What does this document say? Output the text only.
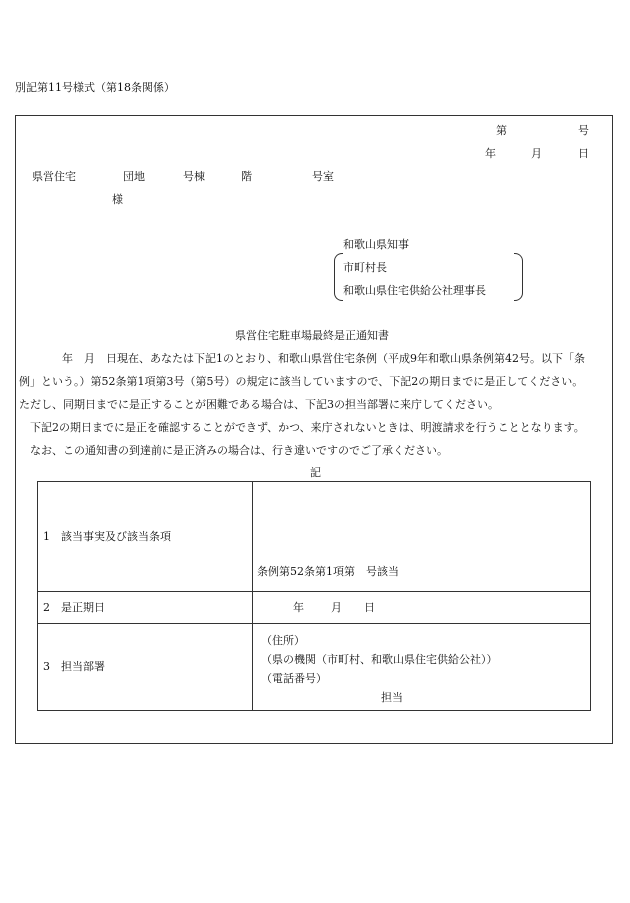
別記第11号様式（第18条関係）
第	号
年	月	日
県営住宅	団地	号棟	階	号室
様
和歌山県知事
市町村長
和歌山県住宅供給公社理事長
県営住宅駐車場最終是正通知書
年　月　日現在、あなたは下記1のとおり、和歌山県営住宅条例（平成9年和歌山県条例第42号。以下「条
例」という。）第52条第1項第3号（第5号）の規定に該当していますので、下記2の期日までに是正してください。
ただし、同期日までに是正することが困難である場合は、下記3の担当部署に来庁してください。
下記2の期日までに是正を確認することができず、かつ、来庁されないときは、明渡請求を行うこととなります。
なお、この通知書の到達前に是正済みの場合は、行き違いですのでご了承ください。
記
1　該当事実及び該当条項	条例第52条第1項第　号該当

2　是正期日	年 月 日

3　担当部署	（住所）
（県の機関（市町村、和歌山県住宅供給公社））
（電話番号）
担当
